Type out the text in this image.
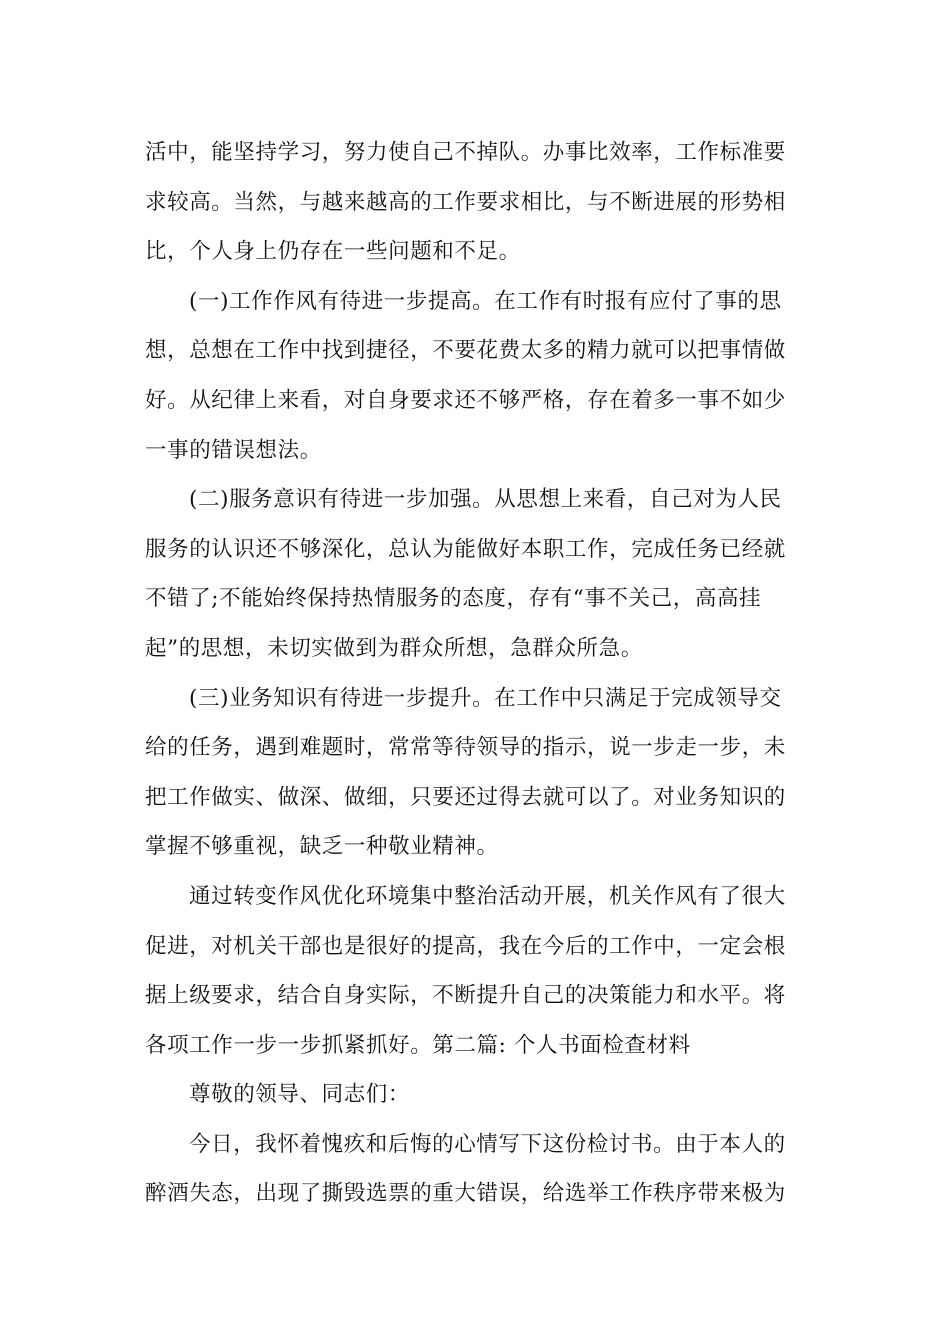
活中，能坚持学习，努力使自己不掉队。办事比效率，工作标准要
求较高。当然，与越来越高的工作要求相比，与不断进展的形势相
比，个人身上仍存在一些问题和不足。

(一)工作作风有待进一步提高。在工作有时报有应付了事的思
想，总想在工作中找到捷径，不要花费太多的精力就可以把事情做
好。从纪律上来看，对自身要求还不够严格，存在着多一事不如少
一事的错误想法。

(二)服务意识有待进一步加强。从思想上来看，自己对为人民
服务的认识还不够深化，总认为能做好本职工作，完成任务已经就
不错了;不能始终保持热情服务的态度，存有“事不关己，高高挂
起”的思想，未切实做到为群众所想，急群众所急。

(三)业务知识有待进一步提升。在工作中只满足于完成领导交
给的任务，遇到难题时，常常等待领导的指示，说一步走一步，未
把工作做实、做深、做细，只要还过得去就可以了。对业务知识的
掌握不够重视，缺乏一种敬业精神。

通过转变作风优化环境集中整治活动开展，机关作风有了很大
促进，对机关干部也是很好的提高，我在今后的工作中，一定会根
据上级要求，结合自身实际，不断提升自己的决策能力和水平。将
各项工作一步一步抓紧抓好。第二篇: 个人书面检查材料

尊敬的领导、同志们：

今日，我怀着愧疚和后悔的心情写下这份检讨书。由于本人的
醉酒失态，出现了撕毁选票的重大错误，给选举工作秩序带来极为
